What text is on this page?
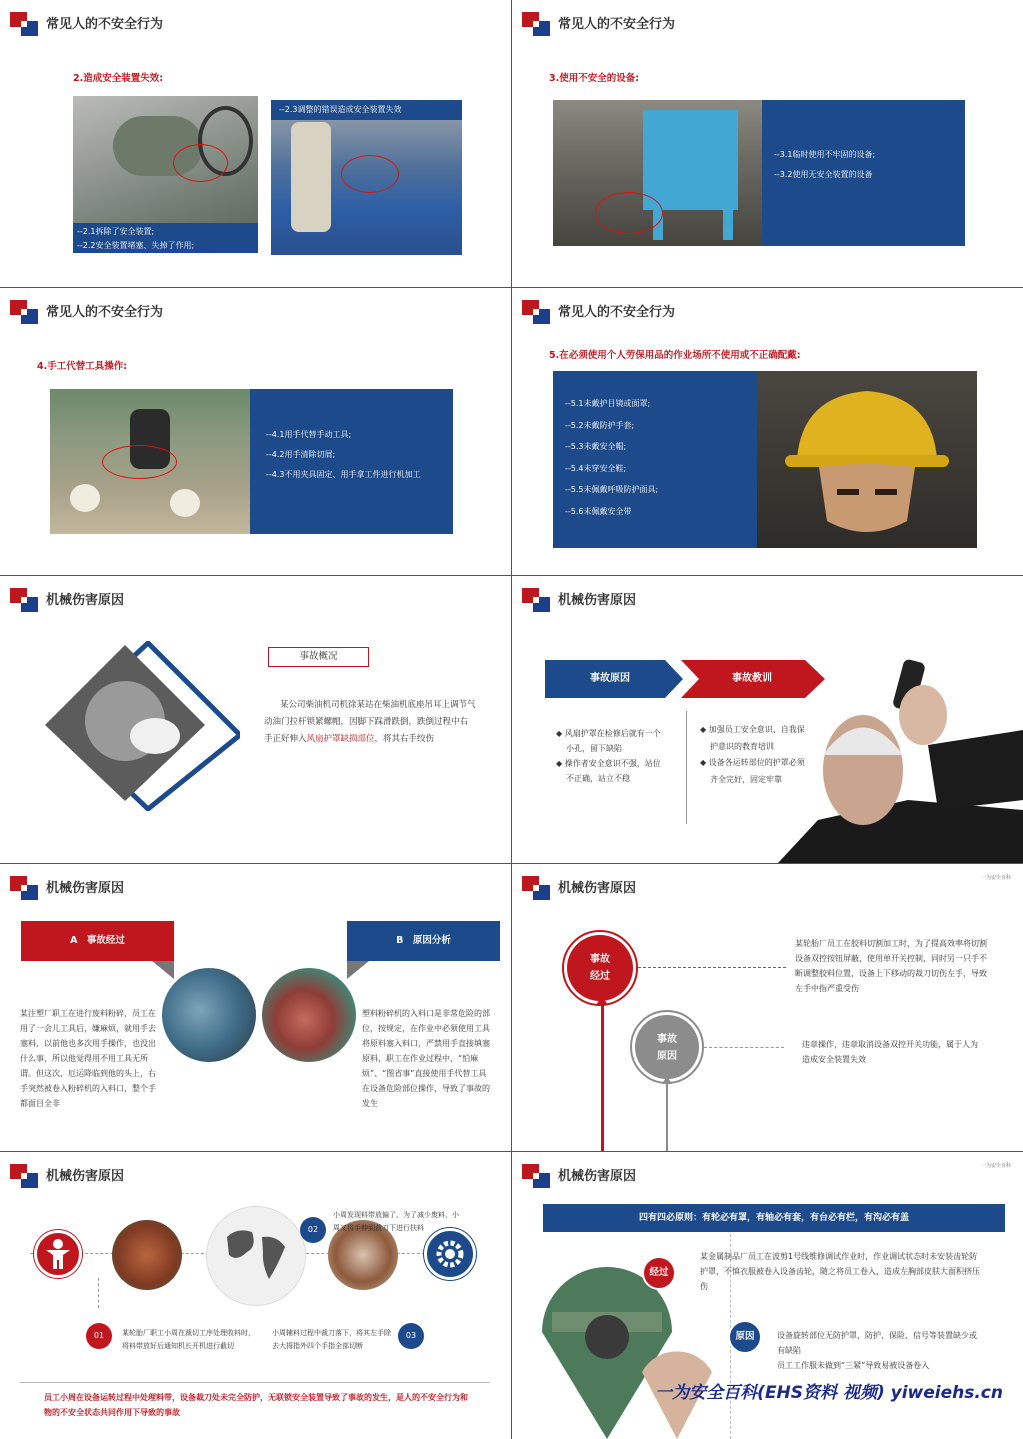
常见人的不安全行为
2.造成安全装置失效:
--2.1拆除了安全装置;
--2.2安全装置堵塞、失掉了作用;
--2.3调整的错误造成安全装置失效
常见人的不安全行为
3.使用不安全的设备:
--3.1临时使用不牢固的设备;
--3.2使用无安全装置的设备
常见人的不安全行为
4.手工代替工具操作:
--4.1用手代替手动工具;
--4.2用手清除切屑;
--4.3不用夹具固定、用手拿工件进行机加工
常见人的不安全行为
5.在必须使用个人劳保用品的作业场所不使用或不正确配戴:
--5.1未戴护目镜或面罩;
--5.2未戴防护手套;
--5.3未戴安全帽;
--5.4未穿安全鞋;
--5.5未佩戴呼吸防护面具;
--5.6未佩戴安全带
机械伤害原因
事故概况
某公司柴油机司机徐某站在柴油机底座吊耳上调节气动油门拉杆锁紧螺帽，因脚下踩滑跌倒，跌倒过程中右手正好伸入风扇护罩缺损部位，将其右手绞伤
机械伤害原因
事故原因	事故教训
◆ 风扇护罩在检修后就有一个小孔，留下缺陷
◆ 操作者安全意识不强，站位不正确，站立不稳
◆ 加强员工安全意识、自我保护意识的教育培训
◆ 设备各运转部位的护罩必须齐全完好，固定牢靠
机械伤害原因
A　事故经过	B　原因分析
某注塑厂职工在进行废料粉碎，员工在用了一会儿工具后，嫌麻烦，就用手去塞料，以前他也多次用手操作，也没出什么事，所以他觉得用不用工具无所谓。但这次，厄运降临到他的头上，右手突然被卷入粉碎机的入料口，整个手都面目全非
塑料粉碎机的入料口是非常危险的部位，按规定，在作业中必须使用工具将原料塞入料口，严禁用手直接填塞原料，职工在作业过程中，“怕麻烦”、“图省事”直接使用手代替工具在设备危险部位操作，导致了事故的发生
机械伤害原因
一为安全百科
事故
经过
事故
原因
某轮胎厂员工在胶料切割加工时，为了提高效率将切割设备双控按钮屏蔽，使用单开关控制，同时另一只手不断调整胶料位置，设备上下移动的裁刀切伤左手，导致左手中指严重受伤
违章操作，违章取消设备双控开关功能，属于人为造成安全装置失效
机械伤害原因
01
02
03
某轮胎厂职工小周在裁切工序处理收料时，将料带放好后通知机长开机进行截切
小周发现料带放偏了，为了减少废料，小周又将手伸到裁刀下进行扶料
小周辅料过程中裁刀落下，将其左手除去大拇指外四个手指全部切断
员工小周在设备运转过程中处理料带，设备裁刀处未完全防护，无联锁安全装置导致了事故的发生，是人的不安全行为和物的不安全状态共同作用下导致的事故
机械伤害原因
一为安全百科
四有四必原则：有轮必有罩，有轴必有套，有台必有栏，有沟必有盖
经过
原因
某金属制品厂员工在波剪1号线维修调试作业时，作业调试状态时未安装齿轮防护罩，不慎衣服被卷入设备齿轮，随之将员工卷入，造成左胸部皮肤大面积挤压伤
设备旋转部位无防护罩，防护、保险、信号等装置缺少或有缺陷
员工工作服未做到“三紧”导致易被设备卷入
一为安全百科(EHS资料 视频) yiweiehs.cn
